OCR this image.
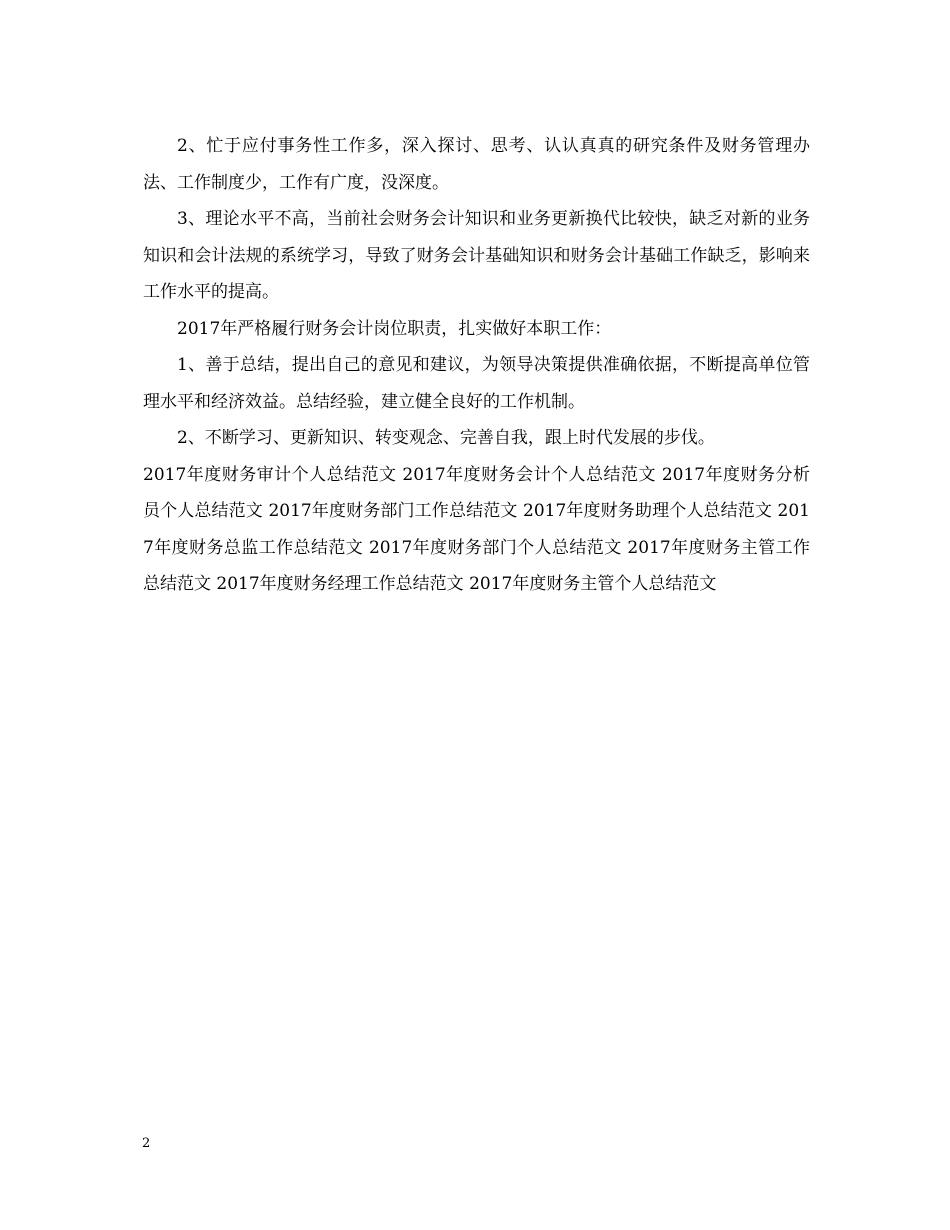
2、忙于应付事务性工作多，深入探讨、思考、认认真真的研究条件及财务管理办法、工作制度少，工作有广度，没深度。

3、理论水平不高，当前社会财务会计知识和业务更新换代比较快，缺乏对新的业务知识和会计法规的系统学习，导致了财务会计基础知识和财务会计基础工作缺乏，影响来工作水平的提高。

2017年严格履行财务会计岗位职责，扎实做好本职工作：

1、善于总结，提出自己的意见和建议，为领导决策提供准确依据，不断提高单位管理水平和经济效益。总结经验，建立健全良好的工作机制。

2、不断学习、更新知识、转变观念、完善自我，跟上时代发展的步伐。

2017年度财务审计个人总结范文 2017年度财务会计个人总结范文 2017年度财务分析员个人总结范文 2017年度财务部门工作总结范文 2017年度财务助理个人总结范文 2017年度财务总监工作总结范文 2017年度财务部门个人总结范文 2017年度财务主管工作总结范文 2017年度财务经理工作总结范文 2017年度财务主管个人总结范文

2
